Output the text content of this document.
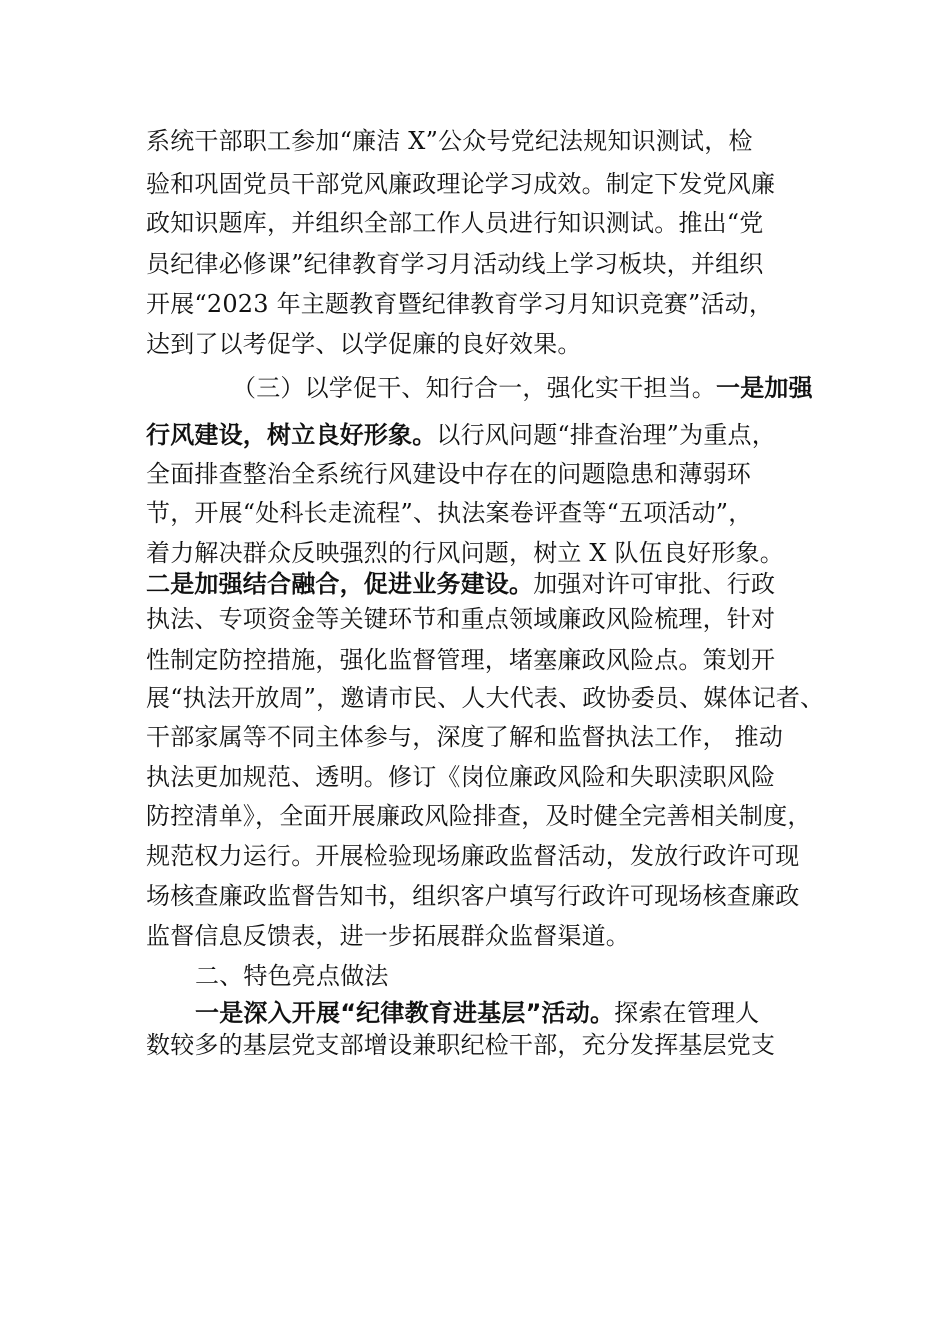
系统干部职工参加“廉洁 X”公众号党纪法规知识测试，检
验和巩固党员干部党风廉政理论学习成效。制定下发党风廉
政知识题库，并组织全部工作人员进行知识测试。推出“党
员纪律必修课”纪律教育学习月活动线上学习板块，并组织
开展“2023 年主题教育暨纪律教育学习月知识竞赛”活动，
达到了以考促学、以学促廉的良好效果。
（三）以学促干、知行合一，强化实干担当。一是加强
行风建设，树立良好形象。以行风问题“排查治理”为重点，
全面排查整治全系统行风建设中存在的问题隐患和薄弱环
节，开展“处科长走流程”、执法案卷评查等“五项活动”，
着力解决群众反映强烈的行风问题，树立 X 队伍良好形象。
二是加强结合融合，促进业务建设。加强对许可审批、行政
执法、专项资金等关键环节和重点领域廉政风险梳理，针对
性制定防控措施，强化监督管理，堵塞廉政风险点。策划开
展“执法开放周”，邀请市民、人大代表、政协委员、媒体记者、
干部家属等不同主体参与，深度了解和监督执法工作， 推动
执法更加规范、透明。修订《岗位廉政风险和失职渎职风险
防控清单》，全面开展廉政风险排查，及时健全完善相关制度，
规范权力运行。开展检验现场廉政监督活动，发放行政许可现
场核查廉政监督告知书，组织客户填写行政许可现场核查廉政
监督信息反馈表，进一步拓展群众监督渠道。
二、特色亮点做法
一是深入开展“纪律教育进基层”活动。探索在管理人
数较多的基层党支部增设兼职纪检干部，充分发挥基层党支
